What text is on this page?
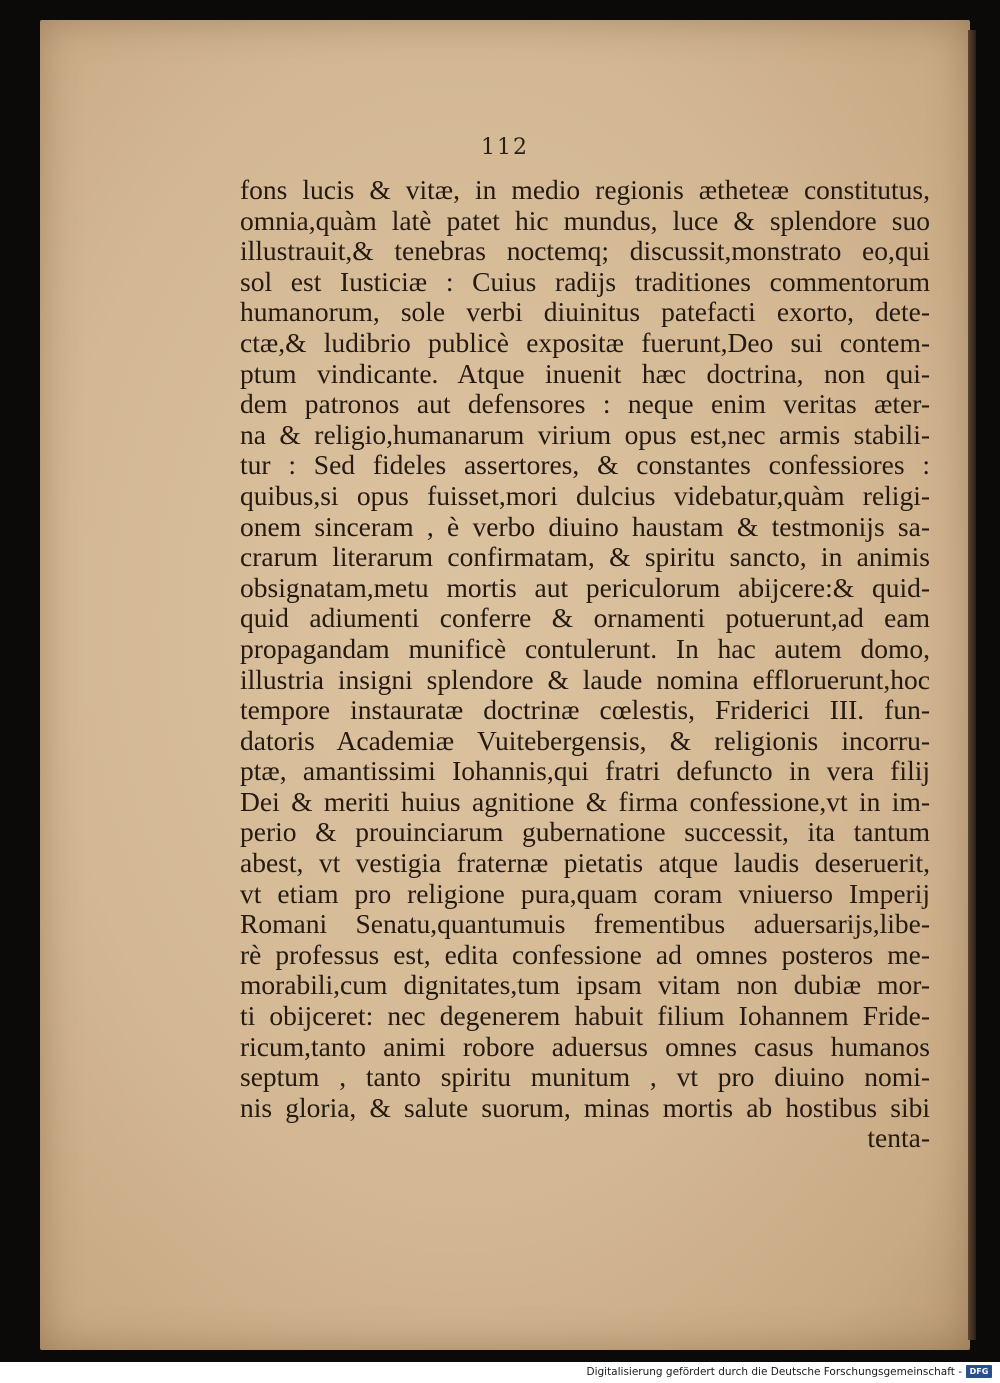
112
fons lucis & vitæ, in medio regionis ætheteæ constitutus,
omnia,quàm latè patet hic mundus, luce & splendore suo
illustrauit,& tenebras noctemq; discussit,monstrato eo,qui
sol est Iusticiæ : Cuius radijs traditiones commentorum
humanorum, sole verbi diuinitus patefacti exorto, dete-
ctæ,& ludibrio publicè expositæ fuerunt,Deo sui contem-
ptum vindicante. Atque inuenit hæc doctrina, non qui-
dem patronos aut defensores : neque enim veritas æter-
na & religio,humanarum virium opus est,nec armis stabili-
tur : Sed fideles assertores, & constantes confessiores :
quibus,si opus fuisset,mori dulcius videbatur,quàm religi-
onem sinceram , è verbo diuino haustam & testmonijs sa-
crarum literarum confirmatam, & spiritu sancto, in animis
obsignatam,metu mortis aut periculorum abijcere:& quid-
quid adiumenti conferre & ornamenti potuerunt,ad eam
propagandam munificè contulerunt. In hac autem domo,
illustria insigni splendore & laude nomina effloruerunt,hoc
tempore instauratæ doctrinæ cœlestis, Friderici III. fun-
datoris Academiæ Vuitebergensis, & religionis incorru-
ptæ, amantissimi Iohannis,qui fratri defuncto in vera filij
Dei & meriti huius agnitione & firma confessione,vt in im-
perio & prouinciarum gubernatione successit, ita tantum
abest, vt vestigia fraternæ pietatis atque laudis deseruerit,
vt etiam pro religione pura,quam coram vniuerso Imperij
Romani Senatu,quantumuis frementibus aduersarijs,libe-
rè professus est, edita confessione ad omnes posteros me-
morabili,cum dignitates,tum ipsam vitam non dubiæ mor-
ti obijceret: nec degenerem habuit filium Iohannem Fride-
ricum,tanto animi robore aduersus omnes casus humanos
septum , tanto spiritu munitum , vt pro diuino nomi-
nis gloria, & salute suorum, minas mortis ab hostibus sibi
tenta-
Digitalisierung gefördert durch die Deutsche Forschungsgemeinschaft - DFG
